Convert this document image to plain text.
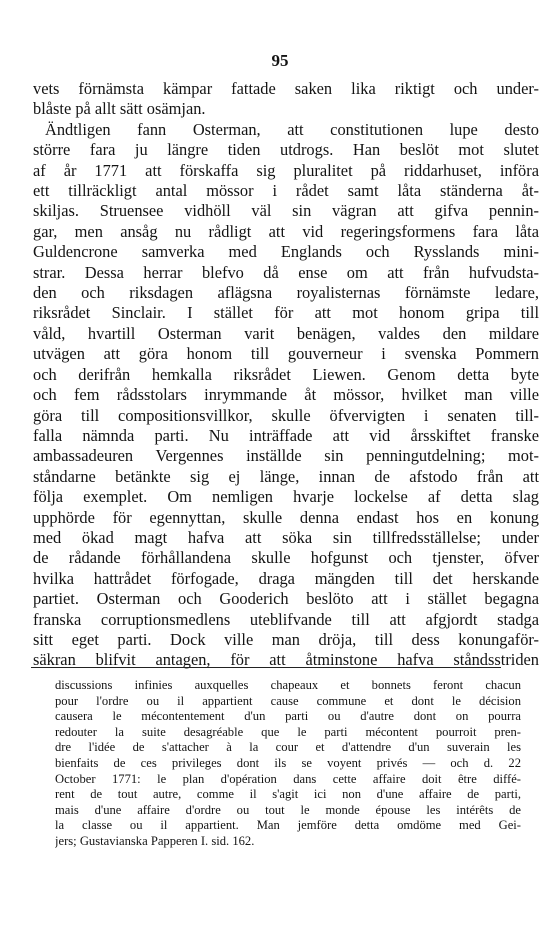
95
vets förnämsta kämpar fattade saken lika riktigt och under-
blåste på allt sätt osämjan.
Ändtligen fann Osterman, att constitutionen lupe desto
större fara ju längre tiden utdrogs. Han beslöt mot slutet
af år 1771 att förskaffa sig pluralitet på riddarhuset, införa
ett tillräckligt antal mössor i rådet samt låta ständerna åt-
skiljas. Struensee vidhöll väl sin vägran att gifva pennin-
gar, men ansåg nu rådligt att vid regeringsformens fara låta
Guldencrone samverka med Englands och Rysslands mini-
strar. Dessa herrar blefvo då ense om att från hufvudsta-
den och riksdagen aflägsna royalisternas förnämste ledare,
riksrådet Sinclair. I stället för att mot honom gripa till
våld, hvartill Osterman varit benägen, valdes den mildare
utvägen att göra honom till gouverneur i svenska Pommern
och derifrån hemkalla riksrådet Liewen. Genom detta byte
och fem rådsstolars inrymmande åt mössor, hvilket man ville
göra till compositionsvillkor, skulle öfvervigten i senaten till-
falla nämnda parti. Nu inträffade att vid årsskiftet franske
ambassadeuren Vergennes inställde sin penningutdelning; mot-
ståndarne betänkte sig ej länge, innan de afstodo från att
följa exemplet. Om nemligen hvarje lockelse af detta slag
upphörde för egennyttan, skulle denna endast hos en konung
med ökad magt hafva att söka sin tillfredsställelse; under
de rådande förhållandena skulle hofgunst och tjenster, öfver
hvilka hattrådet förfogade, draga mängden till det herskande
partiet. Osterman och Gooderich beslöto att i stället begagna
franska corruptionsmedlens uteblifvande till att afgjordt stadga
sitt eget parti. Dock ville man dröja, till dess konungaför-
säkran blifvit antagen, för att åtminstone hafva ståndsstriden
discussions infinies auxquelles chapeaux et bonnets feront chacun
pour l'ordre ou il appartient cause commune et dont le décision
causera le mécontentement d'un parti ou d'autre dont on pourra
redouter la suite desagréable que le parti mécontent pourroit pren-
dre l'idée de s'attacher à la cour et d'attendre d'un suverain les
bienfaits de ces privileges dont ils se voyent privés — och d. 22
October 1771: le plan d'opération dans cette affaire doit être diffé-
rent de tout autre, comme il s'agit ici non d'une affaire de parti,
mais d'une affaire d'ordre ou tout le monde épouse les intérêts de
la classe ou il appartient. Man jemföre detta omdöme med Gei-
jers; Gustavianska Papperen I. sid. 162.
